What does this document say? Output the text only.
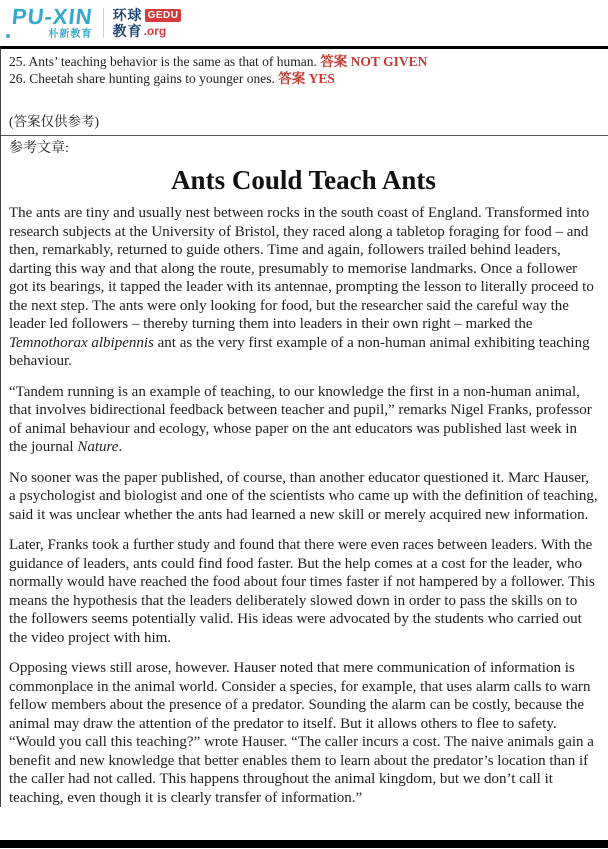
PU-XIN
朴新教育
环球 GEDU
教育 .org

25. Ants’ teaching behavior is the same as that of human. 答案 NOT GIVEN

26. Cheetah share hunting gains to younger ones. 答案 YES

(答案仅供参考)

参考文章:

Ants Could Teach Ants

The ants are tiny and usually nest between rocks in the south coast of England. Transformed into research subjects at the University of Bristol, they raced along a tabletop foraging for food – and then, remarkably, returned to guide others. Time and again, followers trailed behind leaders, darting this way and that along the route, presumably to memorise landmarks. Once a follower got its bearings, it tapped the leader with its antennae, prompting the lesson to literally proceed to the next step. The ants were only looking for food, but the researcher said the careful way the leader led followers – thereby turning them into leaders in their own right – marked the Temnothorax albipennis ant as the very first example of a non-human animal exhibiting teaching behaviour.

“Tandem running is an example of teaching, to our knowledge the first in a non-human animal, that involves bidirectional feedback between teacher and pupil,” remarks Nigel Franks, professor of animal behaviour and ecology, whose paper on the ant educators was published last week in the journal Nature.

No sooner was the paper published, of course, than another educator questioned it. Marc Hauser, a psychologist and biologist and one of the scientists who came up with the definition of teaching, said it was unclear whether the ants had learned a new skill or merely acquired new information.

Later, Franks took a further study and found that there were even races between leaders. With the guidance of leaders, ants could find food faster. But the help comes at a cost for the leader, who normally would have reached the food about four times faster if not hampered by a follower. This means the hypothesis that the leaders deliberately slowed down in order to pass the skills on to the followers seems potentially valid. His ideas were advocated by the students who carried out the video project with him.

Opposing views still arose, however. Hauser noted that mere communication of information is commonplace in the animal world. Consider a species, for example, that uses alarm calls to warn fellow members about the presence of a predator. Sounding the alarm can be costly, because the animal may draw the attention of the predator to itself. But it allows others to flee to safety. “Would you call this teaching?” wrote Hauser. “The caller incurs a cost. The naive animals gain a benefit and new knowledge that better enables them to learn about the predator’s location than if the caller had not called. This happens throughout the animal kingdom, but we don’t call it teaching, even though it is clearly transfer of information.”
